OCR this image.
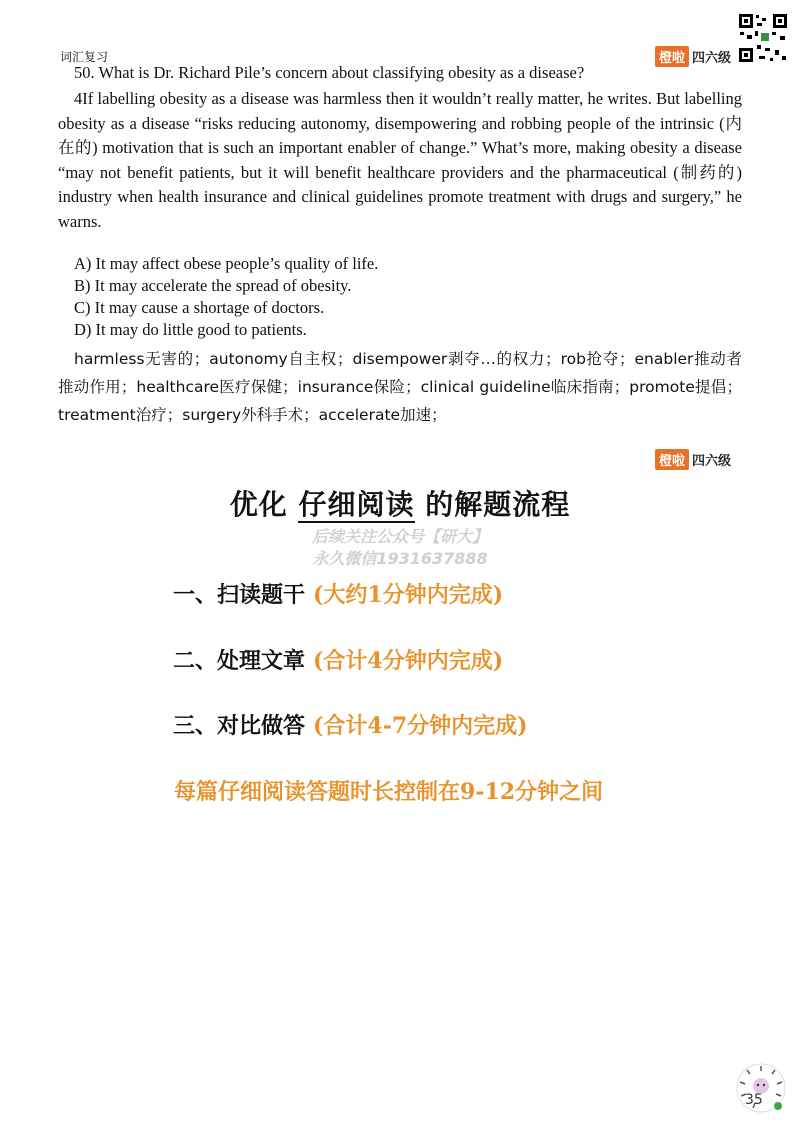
词汇复习	橙啦 四六级
50. What is Dr. Richard Pile’s concern about classifying obesity as a disease?
4If labelling obesity as a disease was harmless then it wouldn’t really matter, he writes. But labelling obesity as a disease “risks reducing autonomy, disempowering and robbing people of the intrinsic (内在的) motivation that is such an important enabler of change.” What’s more, making obesity a disease “may not benefit patients, but it will benefit healthcare providers and the pharmaceutical (制药的) industry when health insurance and clinical guidelines promote treatment with drugs and surgery,” he warns.
A) It may affect obese people’s quality of life.
B) It may accelerate the spread of obesity.
C) It may cause a shortage of doctors.
D) It may do little good to patients.
harmless无害的；autonomy自主权；disempower剥夺…的权力；rob抢夺；enabler推动者推动作用；healthcare医疗保健；insurance保险；clinical guideline临床指南；promote提倡；treatment治疗；surgery外科手术；accelerate加速；
橙啦 四六级
优化 仔细阅读 的解题流程
后续关注公众号【研大】
永久微信1931637888
一、扫读题干 (大约1分钟内完成)
二、处理文章 (合计4分钟内完成)
三、对比做答 (合计4-7分钟内完成)
每篇仔细阅读答题时长控制在9-12分钟之间
35
